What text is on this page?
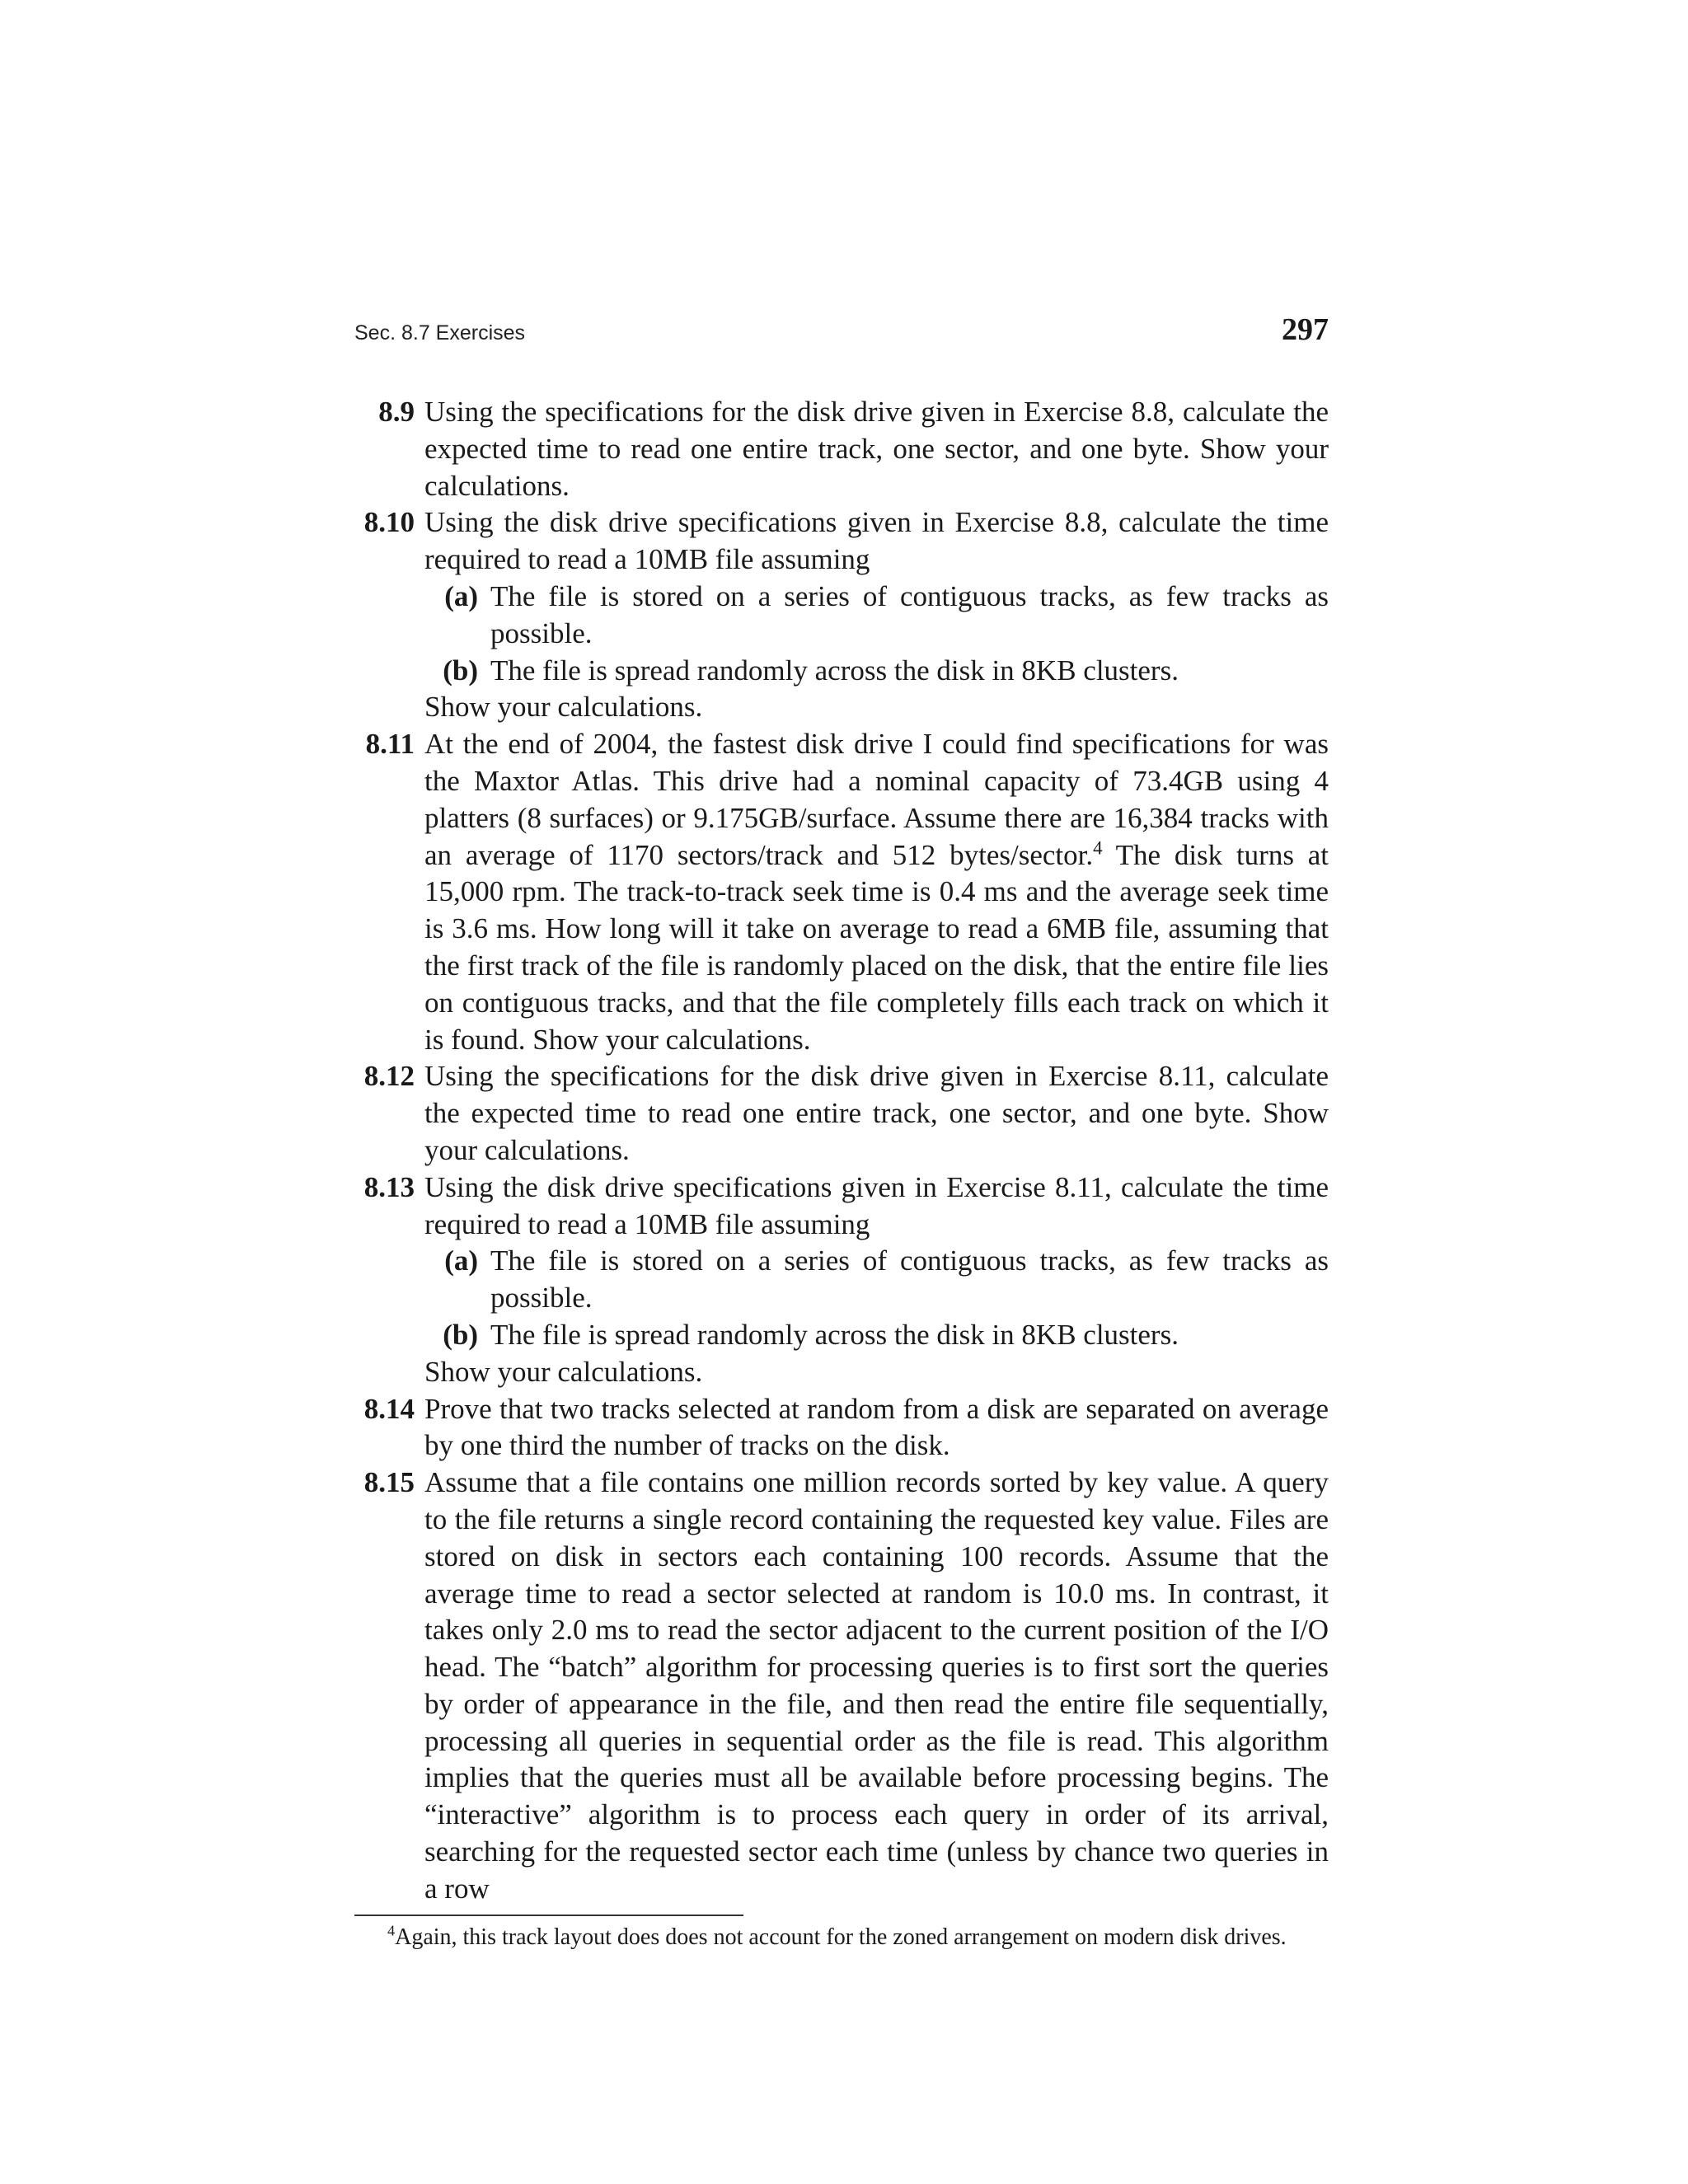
Sec. 8.7 Exercises	297
8.9 Using the specifications for the disk drive given in Exercise 8.8, calculate the expected time to read one entire track, one sector, and one byte. Show your calculations.

8.10 Using the disk drive specifications given in Exercise 8.8, calculate the time required to read a 10MB file assuming

(a) The file is stored on a series of contiguous tracks, as few tracks as possible.

(b) The file is spread randomly across the disk in 8KB clusters.

Show your calculations.

8.11 At the end of 2004, the fastest disk drive I could find specifications for was the Maxtor Atlas. This drive had a nominal capacity of 73.4GB using 4 platters (8 surfaces) or 9.175GB/surface. Assume there are 16,384 tracks with an average of 1170 sectors/track and 512 bytes/sector.$^4$ The disk turns at 15,000 rpm. The track-to-track seek time is 0.4 ms and the average seek time is 3.6 ms. How long will it take on average to read a 6MB file, assuming that the first track of the file is randomly placed on the disk, that the entire file lies on contiguous tracks, and that the file completely fills each track on which it is found. Show your calculations.

8.12 Using the specifications for the disk drive given in Exercise 8.11, calculate the expected time to read one entire track, one sector, and one byte. Show your calculations.

8.13 Using the disk drive specifications given in Exercise 8.11, calculate the time required to read a 10MB file assuming

(a) The file is stored on a series of contiguous tracks, as few tracks as possible.

(b) The file is spread randomly across the disk in 8KB clusters.

Show your calculations.

8.14 Prove that two tracks selected at random from a disk are separated on average by one third the number of tracks on the disk.

8.15 Assume that a file contains one million records sorted by key value. A query to the file returns a single record containing the requested key value. Files are stored on disk in sectors each containing 100 records. Assume that the average time to read a sector selected at random is 10.0 ms. In contrast, it takes only 2.0 ms to read the sector adjacent to the current position of the I/O head. The “batch” algorithm for processing queries is to first sort the queries by order of appearance in the file, and then read the entire file sequentially, processing all queries in sequential order as the file is read. This algorithm implies that the queries must all be available before processing begins. The “interactive” algorithm is to process each query in order of its arrival, searching for the requested sector each time (unless by chance two queries in a row

$^4$Again, this track layout does does not account for the zoned arrangement on modern disk drives.
